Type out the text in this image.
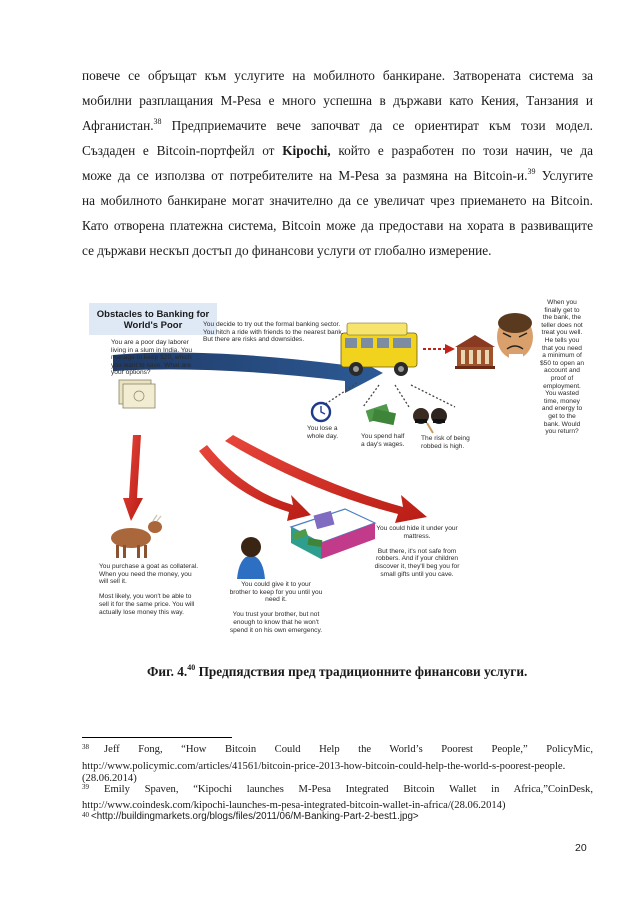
повече се обръщат към услугите на мобилното банкиране. Затворената система за
мобилни разплащания M-Pesa е много успешна в държави като Кения, Танзания и
Афганистан.$^{38}$ Предприемачите вече започват да се ориентират към този модел.
Създаден е Bitcoin-портфейл от Kipochi, който е разработен по този начин, че да
може да се използва от потребителите на M-Pesa за размяна на Bitcoin-и.$^{39}$ Услугите
на мобилното банкиране могат значително да се увеличат чрез приемането на Bitcoin.
Като отворена платежна система, Bitcoin може да предостави на хората в развиващите
се държави нескъп достъп до финансови услуги от глобално измерение.
Obstacles to Banking for World's Poor
You are a poor day laborer
living in a slum in India. You
manage to keep $20, which
you want to save. What are
your options?
You decide to try out the formal banking sector.
You hitch a ride with friends to the nearest bank.
But there are risks and downsides.
When you
finally get to
the bank, the
teller does not
treat you well.
He tells you
that you need
a minimum of
$50 to open an
account and
proof of
employment.
You wasted
time, money
and energy to
get to the
bank. Would
you return?
You lose a
whole day.	You spend half
a day's wages.
The risk of being
robbed is high.
You could hide it under your
mattress.

But there, it's not safe from
robbers. And if your children
discover it, they'll beg you for
small gifts until you cave.
You purchase a goat as collateral.
When you need the money, you
will sell it.

Most likely, you won't be able to
sell it for the same price. You will
actually lose money this way.
You could give it to your
brother to keep for you until you
need it.

You trust your brother, but not
enough to know that he won't
spend it on his own emergency.
Фиг. 4.40 Предпядствия пред традиционните финансови услуги.
38	Jeff Fong, “How Bitcoin Could Help the World’s Poorest People,” PolicyMic,
http://www.policymic.com/articles/41561/bitcoin-price-2013-how-bitcoin-could-help-the-world-s-poorest-people.
(28.06.2014)
39	Emily Spaven, “Kipochi launches M-Pesa Integrated Bitcoin Wallet in Africa,”CoinDesk,
http://www.coindesk.com/kipochi-launches-m-pesa-integrated-bitcoin-wallet-in-africa/(28.06.2014)
40 <http://buildingmarkets.org/blogs/files/2011/06/M-Banking-Part-2-best1.jpg>
20
